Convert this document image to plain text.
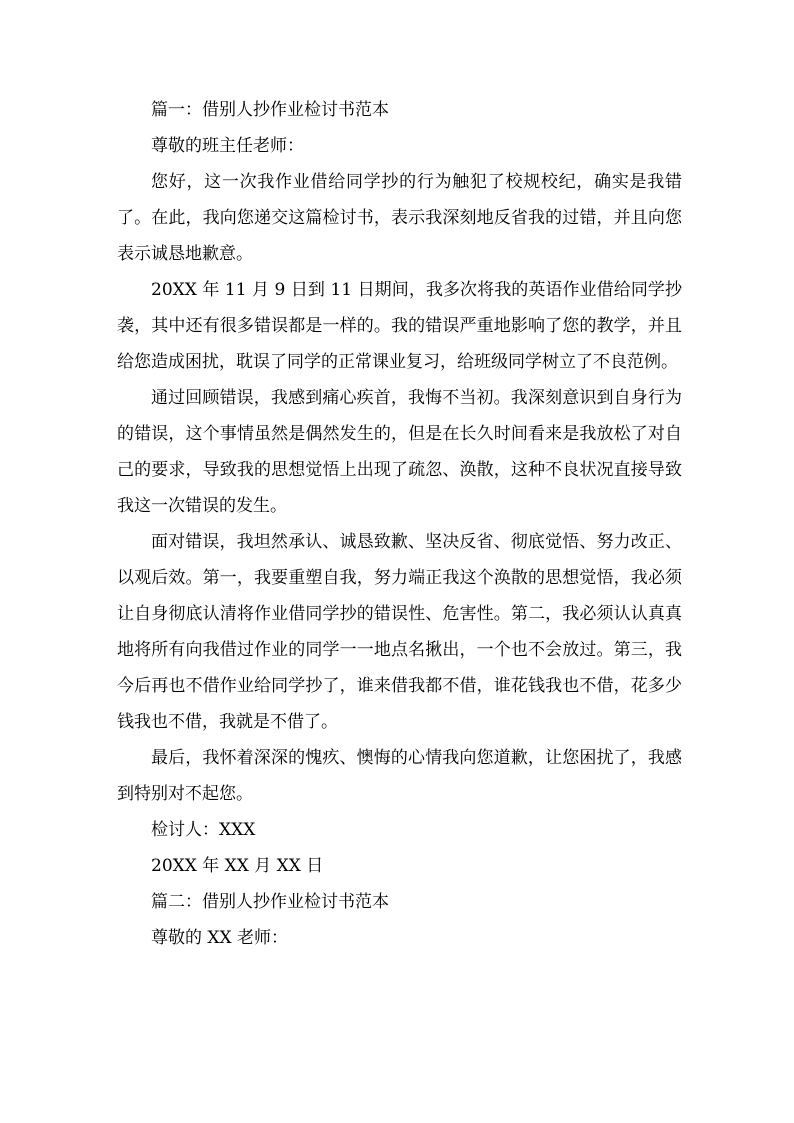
篇一：借别人抄作业检讨书范本
尊敬的班主任老师：

您好，这一次我作业借给同学抄的行为触犯了校规校纪，确实是我错了。在此，我向您递交这篇检讨书，表示我深刻地反省我的过错，并且向您表示诚恳地歉意。

20XX 年 11 月 9 日到 11 日期间，我多次将我的英语作业借给同学抄袭，其中还有很多错误都是一样的。我的错误严重地影响了您的教学，并且给您造成困扰，耽误了同学的正常课业复习，给班级同学树立了不良范例。

通过回顾错误，我感到痛心疾首，我悔不当初。我深刻意识到自身行为的错误，这个事情虽然是偶然发生的，但是在长久时间看来是我放松了对自己的要求，导致我的思想觉悟上出现了疏忽、涣散，这种不良状况直接导致我这一次错误的发生。

面对错误，我坦然承认、诚恳致歉、坚决反省、彻底觉悟、努力改正、以观后效。第一，我要重塑自我，努力端正我这个涣散的思想觉悟，我必须让自身彻底认清将作业借同学抄的错误性、危害性。第二，我必须认认真真地将所有向我借过作业的同学一一地点名揪出，一个也不会放过。第三，我今后再也不借作业给同学抄了，谁来借我都不借，谁花钱我也不借，花多少钱我也不借，我就是不借了。

最后，我怀着深深的愧疚、懊悔的心情我向您道歉，让您困扰了，我感到特别对不起您。

检讨人：XXX
20XX 年 XX 月 XX 日
篇二：借别人抄作业检讨书范本
尊敬的 XX 老师：
